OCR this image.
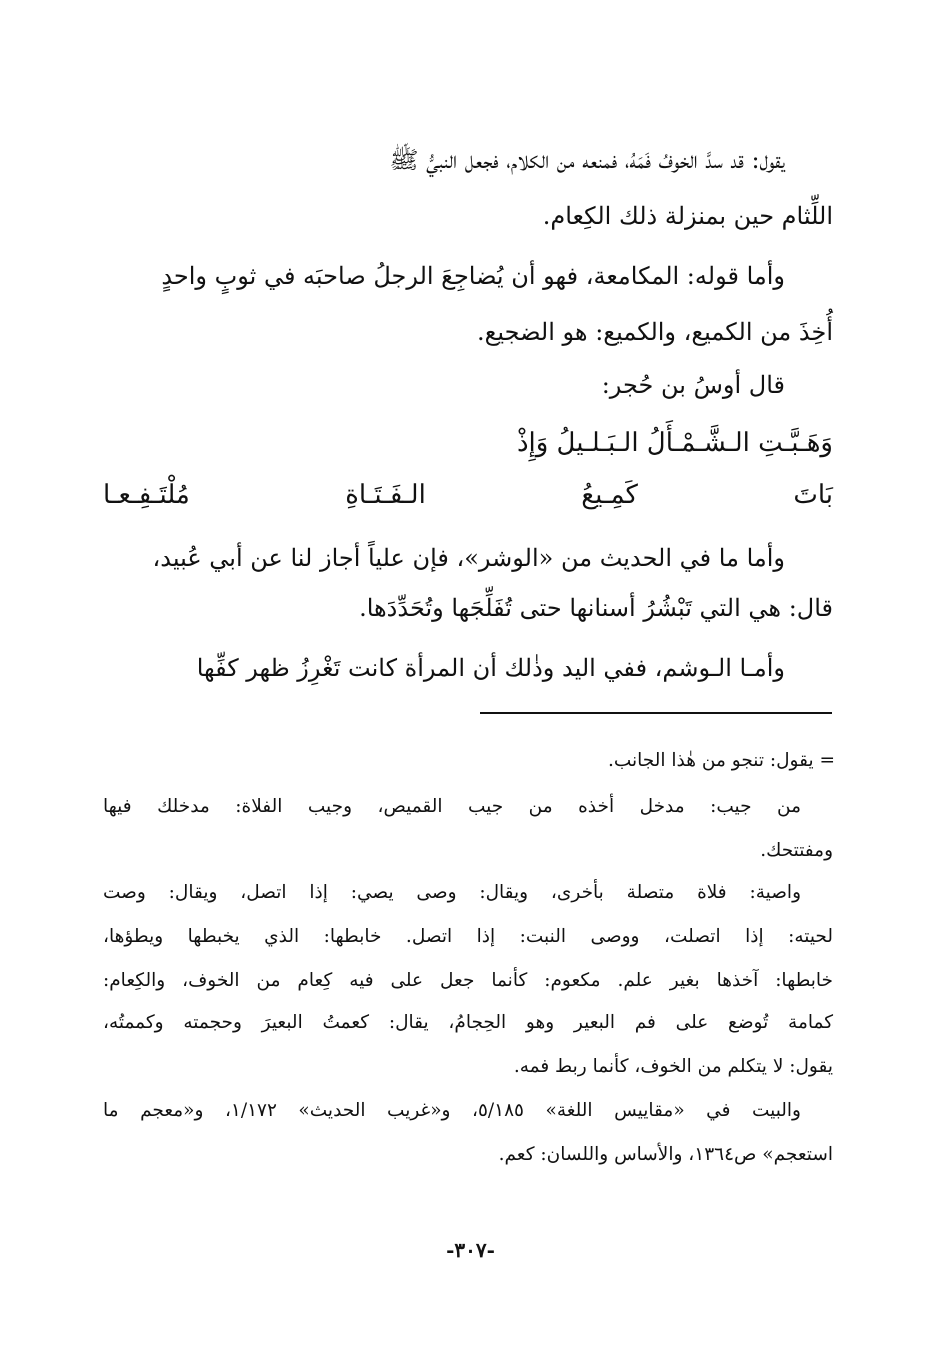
يقول: قد سدَّ الخوفُ فَمَهُ، فمنعه من الكلام، فجعل النبيُّ ﷺ
اللِّثام حين بمنزلة ذلك الكِعام.
وأما قوله: المكامعة، فهو أن يُضاجِعَ الرجلُ صاحبَه في ثوبٍ واحدٍ
أُخِذَ من الكميع، والكميع: هو الضجيع.
قال أوسُ بن حُجر:
وَهَـبَّـتِ الـشَّـمْـأَلُ الـبَـلـيلُ وَإِذْ
بَاتَ كَمِـيعُ الـفَـتَـاةِ مُلْتَـفِـعـا
وأما ما في الحديث من «الوشر»، فإن علياً أجاز لنا عن أبي عُبيد،
قال: هي التي تَبْشُرُ أسنانها حتى تُفَلِّجَها وتُحَدِّدَها.
وأمـا الـوشم، ففي اليد وذٰلك أن المرأة كانت تَغْرِزُ ظهر كفِّها
= يقول: تنجو من هٰذا الجانب.
من جيب: مدخل أخذه من جيب القميص، وجيب الفلاة: مدخلك فيها
ومفتتحك.
واصية: فلاة متصلة بأخرى، ويقال: وصى يصي: إذا اتصل، ويقال: وصت
لحيته: إذا اتصلت، ووصى النبت: إذا اتصل. خابطها: الذي يخبطها ويطؤها،
خابطها: آخذها بغير علم. مكعوم: كأنما جعل على فيه كِعام من الخوف، والكِعام:
كمامة تُوضع على فم البعير وهو الحِجامُ، يقال: كعمتُ البعيرَ وحجمته وكممتُه،
يقول: لا يتكلم من الخوف، كأنما ربط فمه.
والبيت في «مقاييس اللغة» ٥/١٨٥، و«غريب الحديث» ١/١٧٢، و«معجم ما
استعجم» ص١٣٦٤، والأساس واللسان: كعم.
-٣٠٧-
